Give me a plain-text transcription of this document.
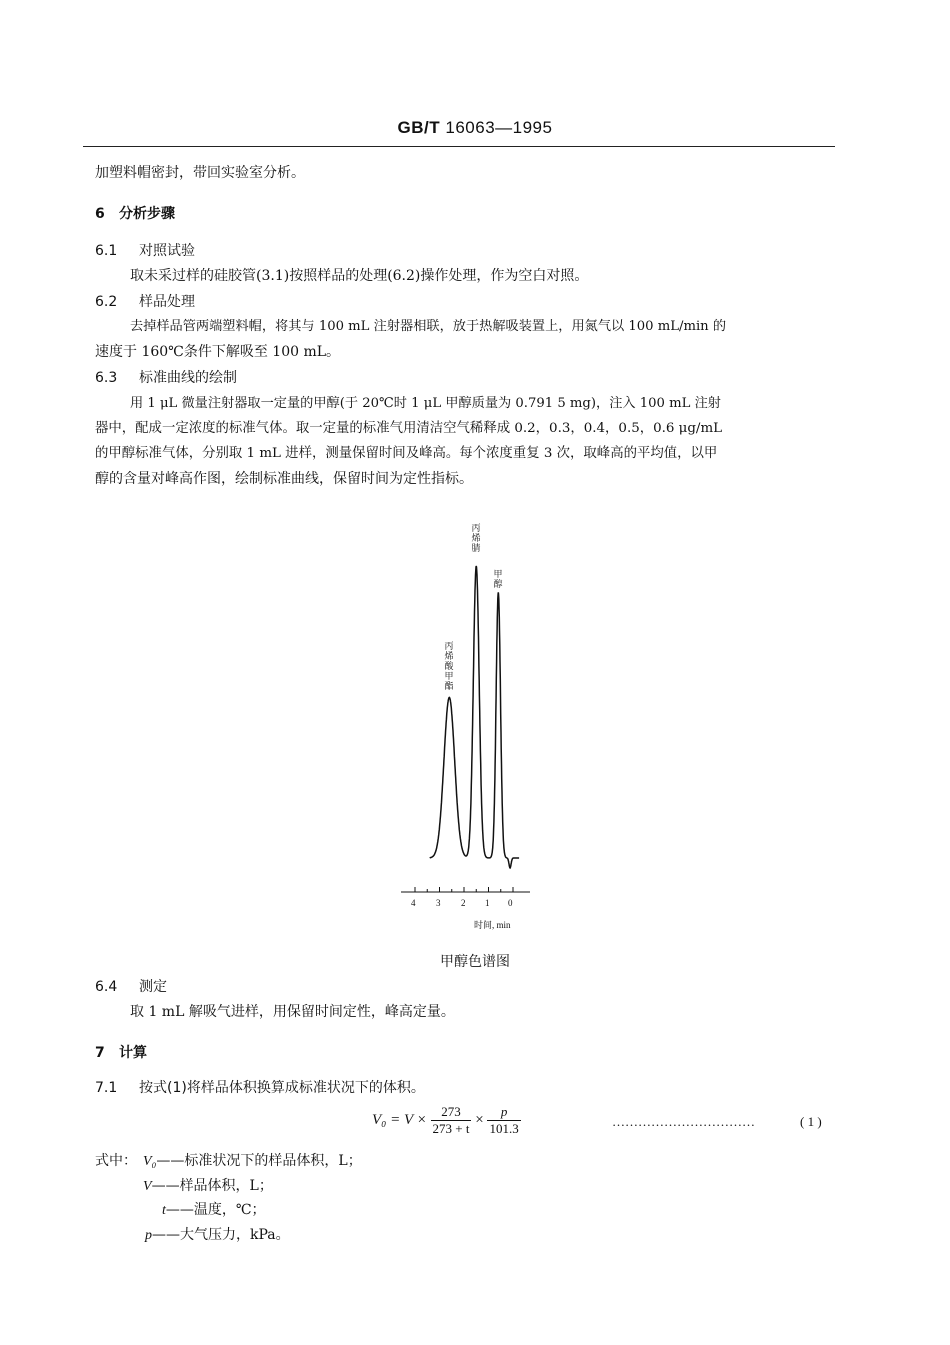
GB/T 16063—1995
加塑料帽密封，带回实验室分析。
6 分析步骤
6.1 对照试验
取未采过样的硅胶管(3.1)按照样品的处理(6.2)操作处理，作为空白对照。
6.2 样品处理
去掉样品管两端塑料帽，将其与 100 mL 注射器相联，放于热解吸装置上，用氮气以 100 mL/min 的
速度于 160℃条件下解吸至 100 mL。
6.3 标准曲线的绘制
用 1 μL 微量注射器取一定量的甲醇(于 20℃时 1 μL 甲醇质量为 0.791 5 mg)，注入 100 mL 注射
器中，配成一定浓度的标准气体。取一定量的标准气用清洁空气稀释成 0.2，0.3，0.4，0.5，0.6 μg/mL
的甲醇标准气体，分别取 1 mL 进样，测量保留时间及峰高。每个浓度重复 3 次，取峰高的平均值，以甲
醇的含量对峰高作图，绘制标准曲线，保留时间为定性指标。
丙烯腈
甲醇
丙烯酸甲酯
4 3 2 1 0
时间, min
甲醇色谱图
6.4 测定
取 1 mL 解吸气进样，用保留时间定性，峰高定量。
7 计算
7.1 按式(1)将样品体积换算成标准状况下的体积。
$V_0 = V \times \frac{273}{273 + t} \times \frac{p}{101.3}$	……………………………	( 1 )
式中： V₀——标准状况下的样品体积，L；
V——样品体积，L；
t——温度，℃；
p——大气压力，kPa。
